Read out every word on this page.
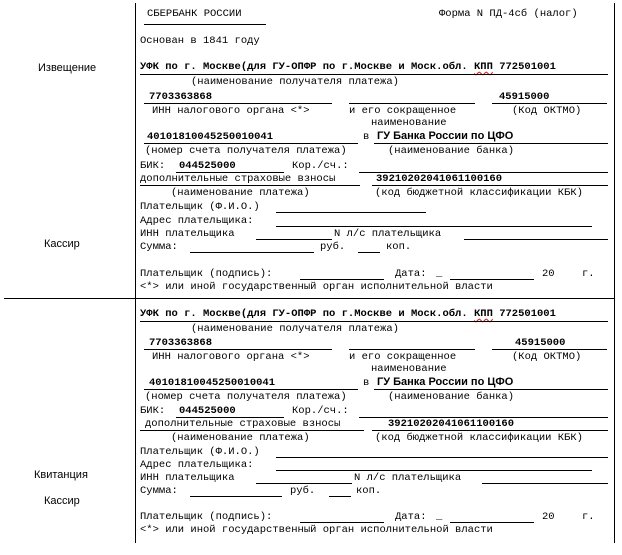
СБЕРБАНК РОССИИ	Форма N ПД-4сб (налог)
Основан в 1841 году
Извещение
Кассир
Квитанция
Кассир
УФК по г. Москве(для ГУ-ОПФР по г.Москве и Моск.обл. КПП 772501001
(наименование получателя платежа)
7703363868	45915000
ИНН налогового органа <*>	и его сокращенное	(Код ОКТМО)
наименование
40101810045250010041	в ГУ Банка России по ЦФО
(номер счета получателя платежа)	(наименование банка)
БИК: 044525000	Кор./сч.:
дополнительные страховые взносы	39210202041061100160
(наименование платежа)	(код бюджетной классификации КБК)
Плательщик (Ф.И.О.)
Адрес плательщика:
ИНН плательщика	N л/с плательщика
Сумма:	руб.	коп.
Плательщик (подпись):	Дата: _	20	г.
<*> или иной государственный орган исполнительной власти
УФК по г. Москве(для ГУ-ОПФР по г.Москве и Моск.обл. КПП 772501001
(наименование получателя платежа)
7703363868	45915000
ИНН налогового органа <*>	и его сокращенное	(Код ОКТМО)
наименование
40101810045250010041	в ГУ Банка России по ЦФО
(номер счета получателя платежа)	(наименование банка)
БИК: 044525000	Кор./сч.:
дополнительные страховые взносы	39210202041061100160
(наименование платежа)	(код бюджетной классификации КБК)
Плательщик (Ф.И.О.)
Адрес плательщика:
ИНН плательщика	N л/с плательщика
Сумма:	руб.	коп.
Плательщик (подпись):	Дата: _	20	г.
<*> или иной государственный орган исполнительной власти
